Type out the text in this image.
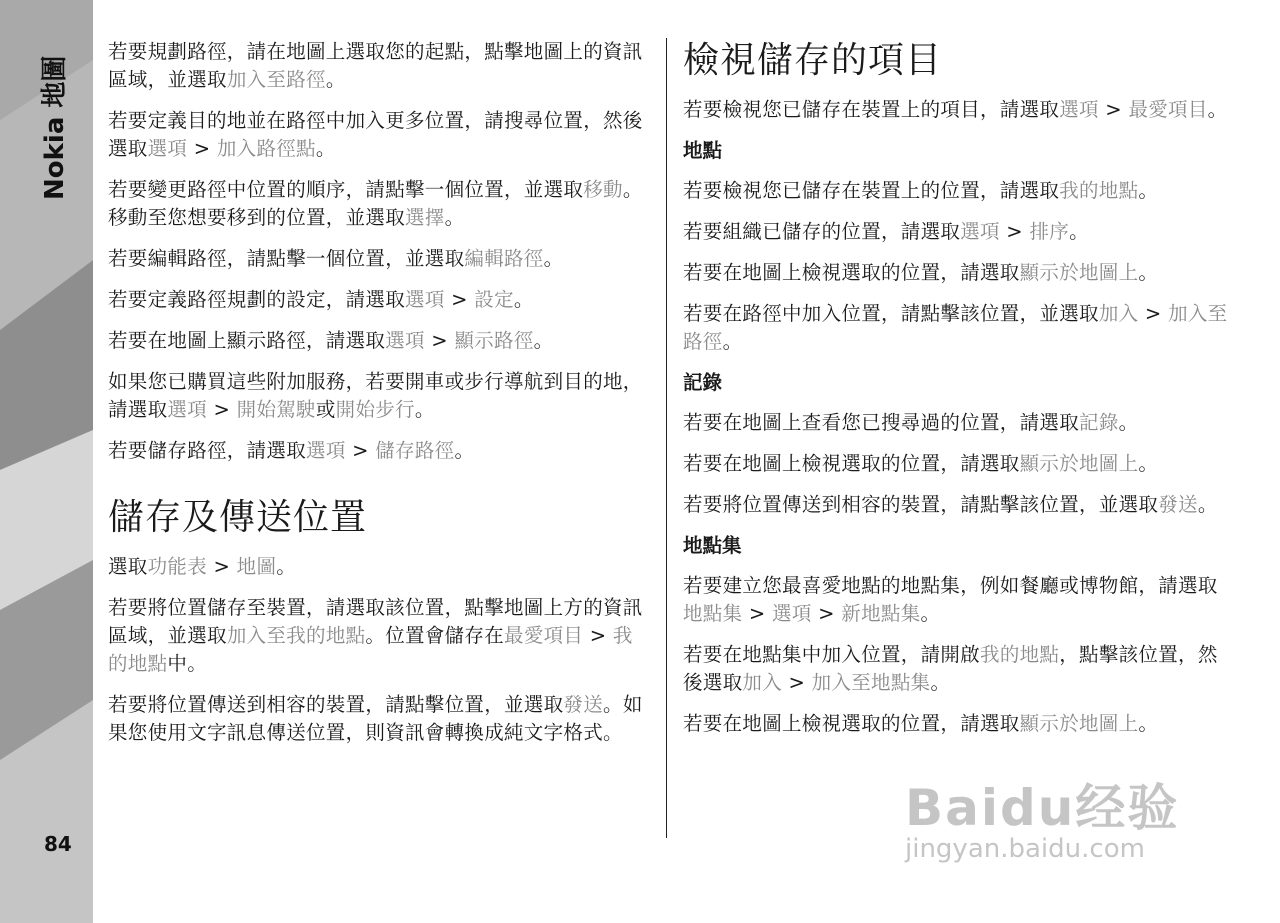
Nokia 地圖
84

若要規劃路徑，請在地圖上選取您的起點，點擊地圖上的資訊區域，並選取加入至路徑。

若要定義目的地並在路徑中加入更多位置，請搜尋位置，然後選取選項 > 加入路徑點。

若要變更路徑中位置的順序，請點擊一個位置，並選取移動。移動至您想要移到的位置，並選取選擇。

若要編輯路徑，請點擊一個位置，並選取編輯路徑。

若要定義路徑規劃的設定，請選取選項 > 設定。

若要在地圖上顯示路徑，請選取選項 > 顯示路徑。

如果您已購買這些附加服務，若要開車或步行導航到目的地，請選取選項 > 開始駕駛或開始步行。

若要儲存路徑，請選取選項 > 儲存路徑。

儲存及傳送位置

選取功能表 > 地圖。

若要將位置儲存至裝置，請選取該位置，點擊地圖上方的資訊區域，並選取加入至我的地點。位置會儲存在最愛項目 > 我的地點中。

若要將位置傳送到相容的裝置，請點擊位置，並選取發送。如果您使用文字訊息傳送位置，則資訊會轉換成純文字格式。

檢視儲存的項目

若要檢視您已儲存在裝置上的項目，請選取選項 > 最愛項目。

地點

若要檢視您已儲存在裝置上的位置，請選取我的地點。

若要組織已儲存的位置，請選取選項 > 排序。

若要在地圖上檢視選取的位置，請選取顯示於地圖上。

若要在路徑中加入位置，請點擊該位置，並選取加入 > 加入至路徑。

記錄

若要在地圖上查看您已搜尋過的位置，請選取記錄。

若要在地圖上檢視選取的位置，請選取顯示於地圖上。

若要將位置傳送到相容的裝置，請點擊該位置，並選取發送。

地點集

若要建立您最喜愛地點的地點集，例如餐廳或博物館，請選取地點集 > 選項 > 新地點集。

若要在地點集中加入位置，請開啟我的地點，點擊該位置，然後選取加入 > 加入至地點集。

若要在地圖上檢視選取的位置，請選取顯示於地圖上。

Baidu经验
jingyan.baidu.com
